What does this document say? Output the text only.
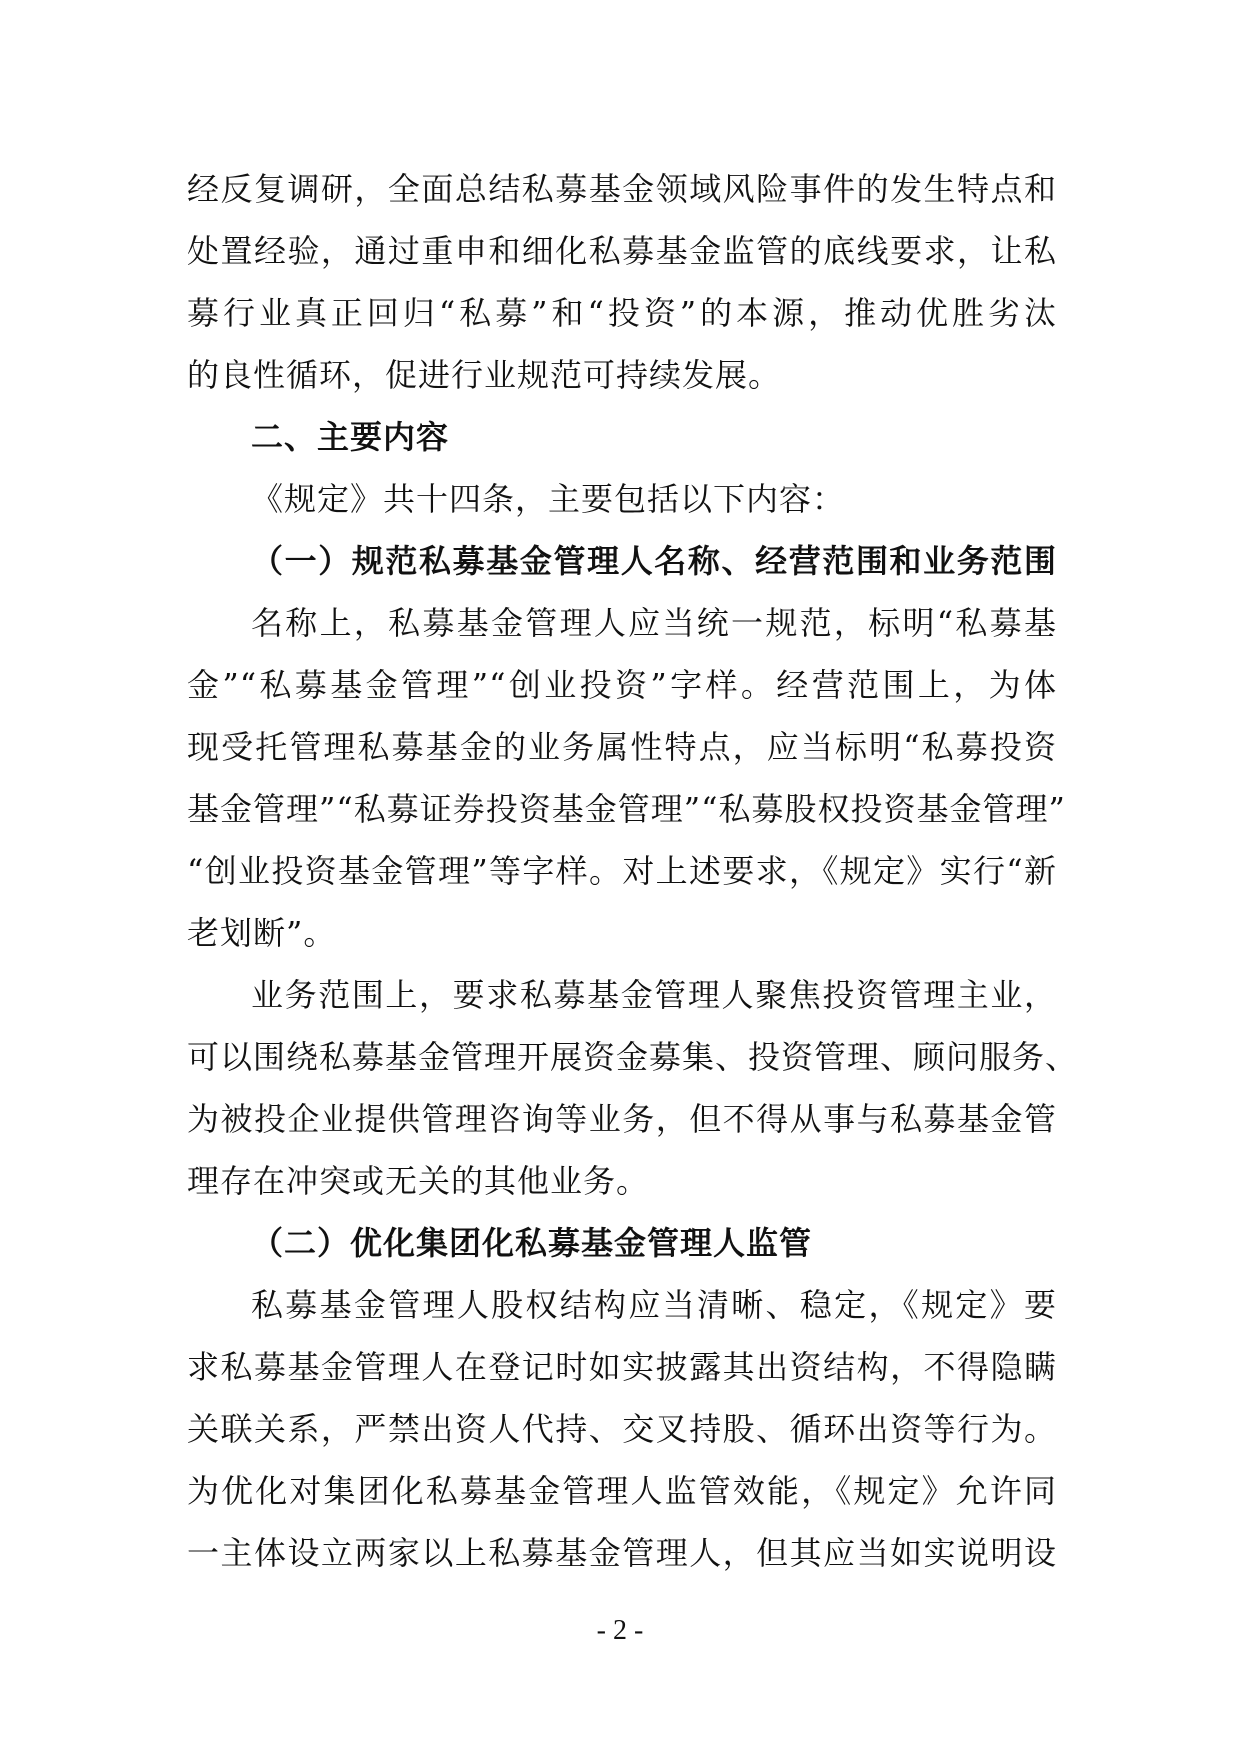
经反复调研，全面总结私募基金领域风险事件的发生特点和
处置经验，通过重申和细化私募基金监管的底线要求，让私
募行业真正回归“私募”和“投资”的本源，推动优胜劣汰
的良性循环，促进行业规范可持续发展。
二、主要内容
《规定》共十四条，主要包括以下内容：
（一）规范私募基金管理人名称、经营范围和业务范围
名称上，私募基金管理人应当统一规范，标明“私募基
金”“私募基金管理”“创业投资”字样。经营范围上，为体
现受托管理私募基金的业务属性特点，应当标明“私募投资
基金管理”“私募证券投资基金管理”“私募股权投资基金管理”
“创业投资基金管理”等字样。对上述要求，《规定》实行“新
老划断”。
业务范围上，要求私募基金管理人聚焦投资管理主业，
可以围绕私募基金管理开展资金募集、投资管理、顾问服务、
为被投企业提供管理咨询等业务，但不得从事与私募基金管
理存在冲突或无关的其他业务。
（二）优化集团化私募基金管理人监管
私募基金管理人股权结构应当清晰、稳定，《规定》要
求私募基金管理人在登记时如实披露其出资结构，不得隐瞒
关联关系，严禁出资人代持、交叉持股、循环出资等行为。
为优化对集团化私募基金管理人监管效能，《规定》允许同
一主体设立两家以上私募基金管理人，但其应当如实说明设
- 2 -
